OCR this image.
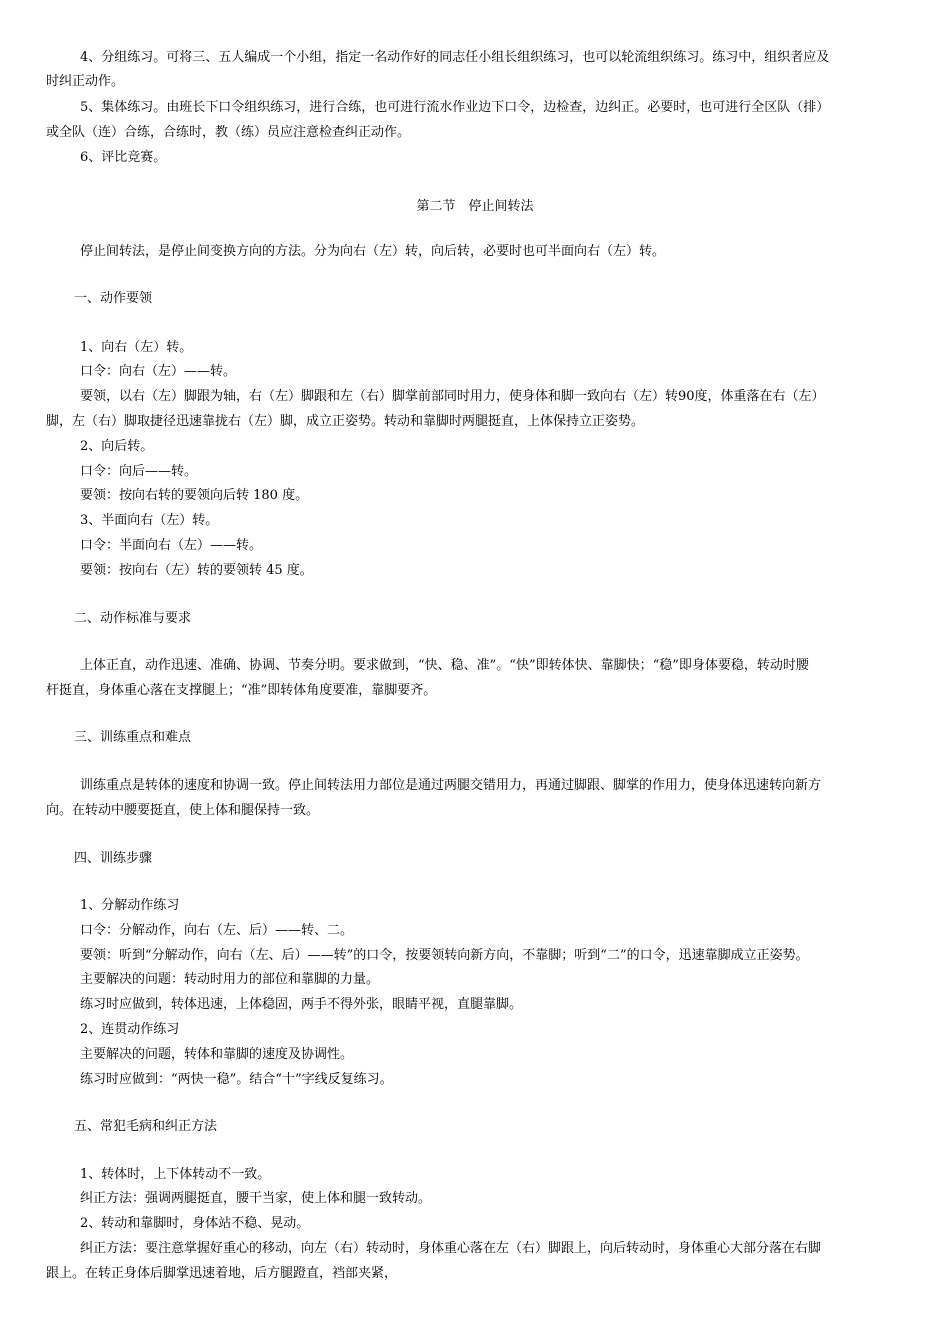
4、分组练习。可将三、五人编成一个小组，指定一名动作好的同志任小组长组织练习，也可以轮流组织练习。练习中，组织者应及
时纠正动作。
5、集体练习。由班长下口令组织练习，进行合练，也可进行流水作业边下口令，边检查，边纠正。必要时，也可进行全区队（排）
或全队（连）合练，合练时，教（练）员应注意检查纠正动作。
6、评比竞赛。
第二节　停止间转法
停止间转法，是停止间变换方向的方法。分为向右（左）转，向后转，必要时也可半面向右（左）转。
一、动作要领
1、向右（左）转。
口令：向右（左）——转。
要领，以右（左）脚跟为轴，右（左）脚跟和左（右）脚掌前部同时用力，使身体和脚一致向右（左）转90度，体重落在右（左）
脚，左（右）脚取捷径迅速靠拢右（左）脚，成立正姿势。转动和靠脚时两腿挺直，上体保持立正姿势。
2、向后转。
口令：向后——转。
要领：按向右转的要领向后转 180 度。
3、半面向右（左）转。
口令：半面向右（左）——转。
要领：按向右（左）转的要领转 45 度。
二、动作标准与要求
上体正直，动作迅速、准确、协调、节奏分明。要求做到，“快、稳、准”。“快”即转体快、靠脚快；“稳”即身体要稳，转动时腰
杆挺直，身体重心落在支撑腿上；“准”即转体角度要准，靠脚要齐。
三、训练重点和难点
训练重点是转体的速度和协调一致。停止间转法用力部位是通过两腿交错用力，再通过脚跟、脚掌的作用力，使身体迅速转向新方
向。在转动中腰要挺直，使上体和腿保持一致。
四、训练步骤
1、分解动作练习
口令：分解动作，向右（左、后）——转、二。
要领：听到“分解动作，向右（左、后）——转”的口令，按要领转向新方向，不靠脚；听到“二”的口令，迅速靠脚成立正姿势。
主要解决的问题：转动时用力的部位和靠脚的力量。
练习时应做到，转体迅速，上体稳固，两手不得外张，眼睛平视，直腿靠脚。
2、连贯动作练习
主要解决的问题，转体和靠脚的速度及协调性。
练习时应做到：“两快一稳”。结合“十”字线反复练习。
五、常犯毛病和纠正方法
1、转体时，上下体转动不一致。
纠正方法：强调两腿挺直，腰干当家，使上体和腿一致转动。
2、转动和靠脚时，身体站不稳、晃动。
纠正方法：要注意掌握好重心的移动，向左（右）转动时，身体重心落在左（右）脚跟上，向后转动时，身体重心大部分落在右脚
跟上。在转正身体后脚掌迅速着地，后方腿蹬直，裆部夹紧，
